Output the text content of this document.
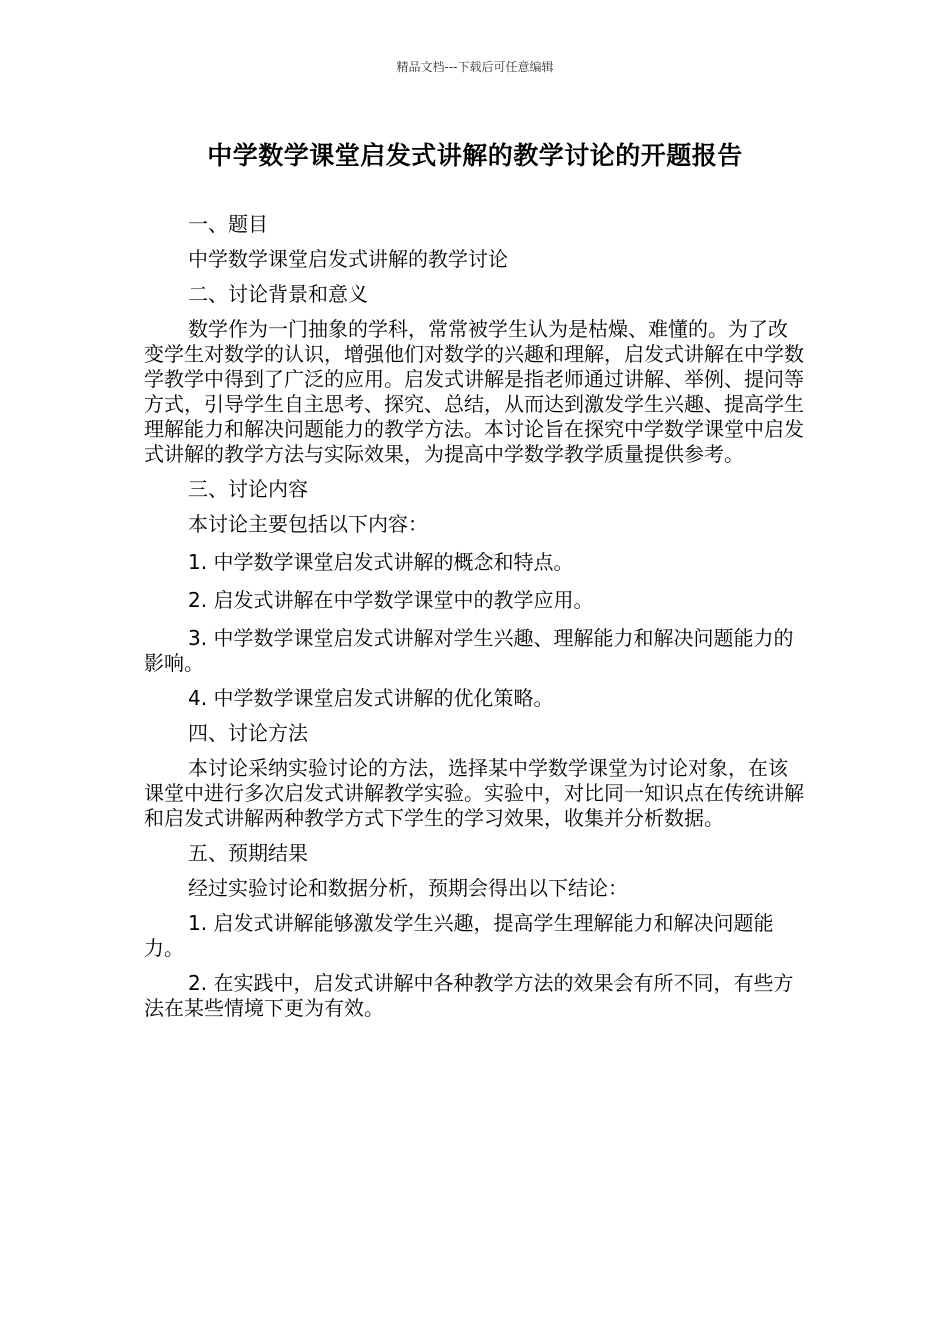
精品文档---下载后可任意编辑
中学数学课堂启发式讲解的教学讨论的开题报告

一、题目

中学数学课堂启发式讲解的教学讨论

二、讨论背景和意义

数学作为一门抽象的学科，常常被学生认为是枯燥、难懂的。为了改变学生对数学的认识，增强他们对数学的兴趣和理解，启发式讲解在中学数学教学中得到了广泛的应用。启发式讲解是指老师通过讲解、举例、提问等方式，引导学生自主思考、探究、总结，从而达到激发学生兴趣、提高学生理解能力和解决问题能力的教学方法。本讨论旨在探究中学数学课堂中启发式讲解的教学方法与实际效果，为提高中学数学教学质量提供参考。

三、讨论内容

本讨论主要包括以下内容：

1. 中学数学课堂启发式讲解的概念和特点。

2. 启发式讲解在中学数学课堂中的教学应用。

3. 中学数学课堂启发式讲解对学生兴趣、理解能力和解决问题能力的影响。

4. 中学数学课堂启发式讲解的优化策略。

四、讨论方法

本讨论采纳实验讨论的方法，选择某中学数学课堂为讨论对象，在该课堂中进行多次启发式讲解教学实验。实验中，对比同一知识点在传统讲解和启发式讲解两种教学方式下学生的学习效果，收集并分析数据。

五、预期结果

经过实验讨论和数据分析，预期会得出以下结论：

1. 启发式讲解能够激发学生兴趣，提高学生理解能力和解决问题能力。

2. 在实践中，启发式讲解中各种教学方法的效果会有所不同，有些方法在某些情境下更为有效。
